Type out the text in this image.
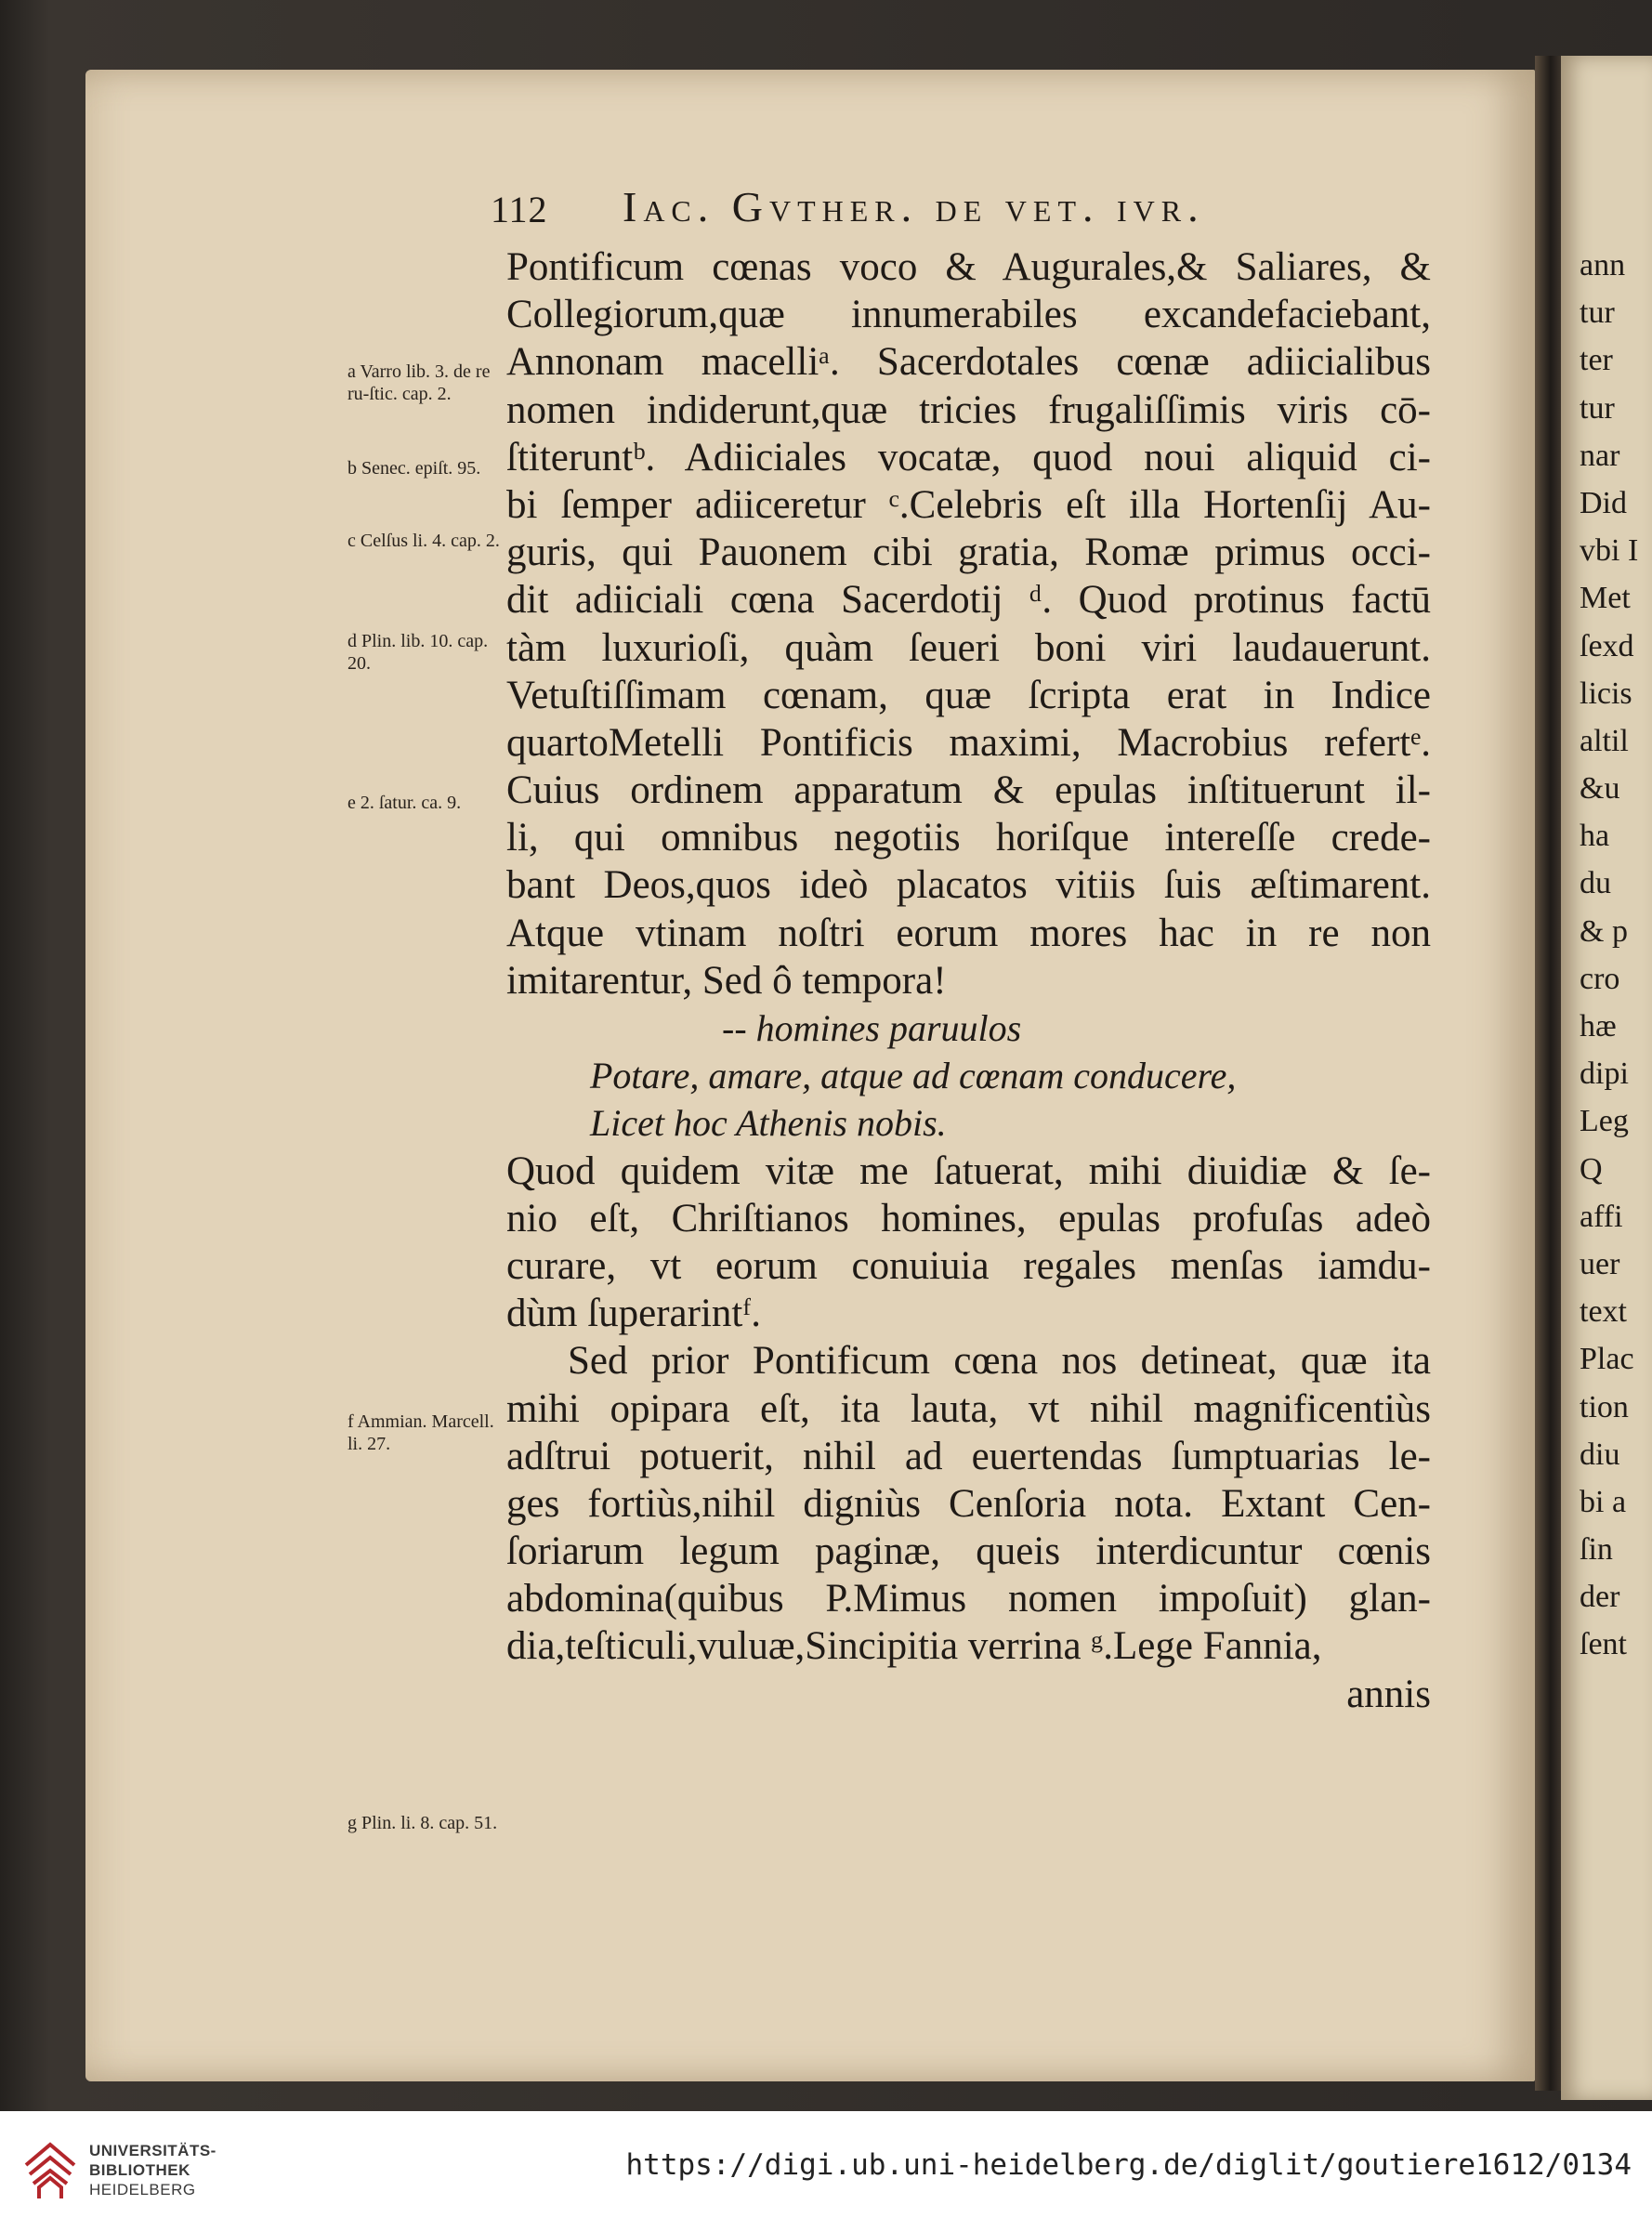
ann
tur
ter
tur
nar
Did
vbi I
Met
ſexd
licis
altil
&u
ha
du
& p
cro
hæ
dipi
Leg
Q
affi
uer
text
Plac
tion
diu
bi a
ſin
der
ſent
112 Iac. Gvther. de vet. ivr.
Pontificum cœnas voco & Augurales,& Saliares, &
Collegiorum,quæ innumerabiles excandefaciebant,
Annonam macelliᵃ. Sacerdotales cœnæ adiicialibus
nomen indiderunt,quæ tricies frugaliſſimis viris cō-
ſtiteruntᵇ. Adiiciales vocatæ, quod noui aliquid ci-
bi ſemper adiiceretur ᶜ.Celebris eſt illa Hortenſij Au-
guris, qui Pauonem cibi gratia, Romæ primus occi-
dit adiiciali cœna Sacerdotij ᵈ. Quod protinus factū
tàm luxurioſi, quàm ſeueri boni viri laudauerunt.
Vetuſtiſſimam cœnam, quæ ſcripta erat in Indice
quartoMetelli Pontificis maximi, Macrobius refertᵉ.
Cuius ordinem apparatum & epulas inſtituerunt il-
li, qui omnibus negotiis horiſque intereſſe crede-
bant Deos,quos ideò placatos vitiis ſuis æſtimarent.
Atque vtinam noſtri eorum mores hac in re non
imitarentur, Sed ô tempora!
-- homines paruulos
Potare, amare, atque ad cœnam conducere,
Licet hoc Athenis nobis.
Quod quidem vitæ me ſatuerat, mihi diuidiæ & ſe-
nio eſt, Chriſtianos homines, epulas profuſas adeò
curare, vt eorum conuiuia regales menſas iamdu-
dùm ſuperarintᶠ.
Sed prior Pontificum cœna nos detineat, quæ ita
mihi opipara eſt, ita lauta, vt nihil magnificentiùs
adſtrui potuerit, nihil ad euertendas ſumptuarias le-
ges fortiùs,nihil digniùs Cenſoria nota. Extant Cen-
ſoriarum legum paginæ, queis interdicuntur cœnis
abdomina(quibus P.Mimus nomen impoſuit) glan-
dia,teſticuli,vuluæ,Sincipitia verrina ᵍ.Lege Fannia,
annis
a Varro lib. 3. de re ru-ſtic. cap. 2.
b Senec. epiſt. 95.
c Celſus li. 4. cap. 2.
d Plin. lib. 10. cap. 20.
e 2. ſatur. ca. 9.
f Ammian. Marcell. li. 27.
g Plin. li. 8. cap. 51.
UNIVERSITÄTS-
BIBLIOTHEK
HEIDELBERG
https://digi.ub.uni-heidelberg.de/diglit/goutiere1612/0134
